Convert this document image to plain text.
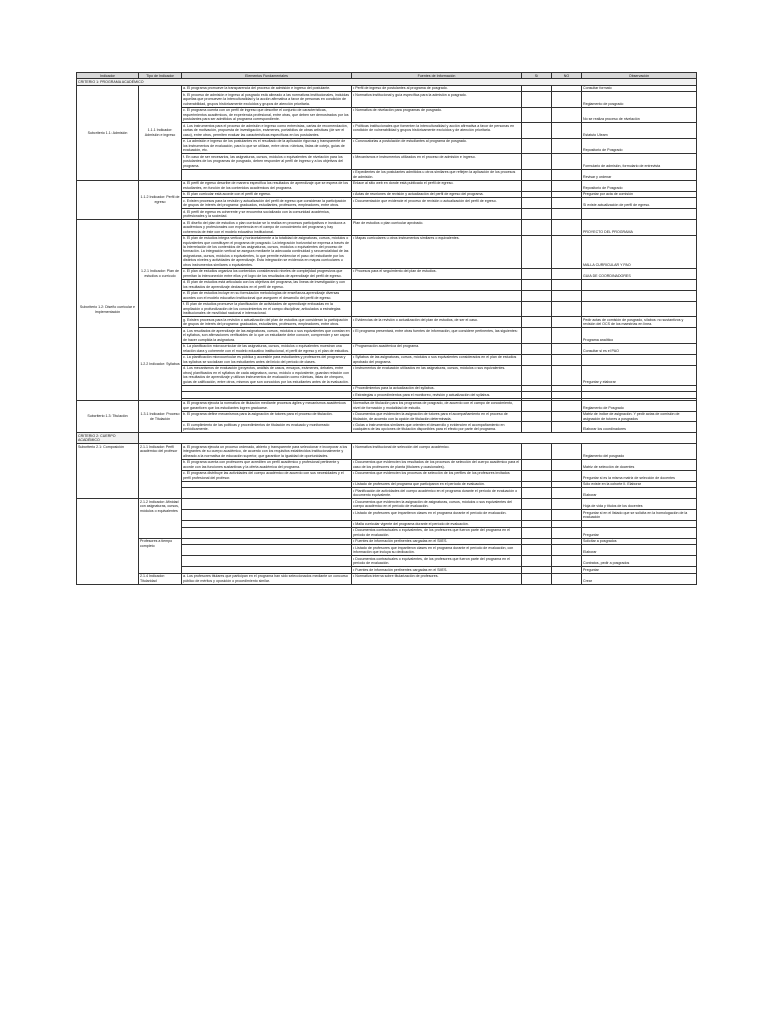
Indicador	Tipo de Indicador	Elementos Fundamentales	Fuentes de Información	Sí	NO	Observación
CRITERIO 1: PROGRAMA ACADÉMICO						
Subcriterio 1.1: Admisión	1.1.1 Indicador: Admisión e ingreso	a. El programa promueve la transparencia del proceso de admisión e ingreso del postulante.	• Perfil de ingreso de postulantes al programa de posgrado.			Consultar formato
		b. El proceso de admisión e ingreso al posgrado está alineado a las normativas institucionales, incluidas aquellas que promueven la interculturalidad y la acción afirmativa a favor de personas en condición de vulnerabilidad, grupos históricamente excluidos y grupos de atención prioritaria.	• Normativa institucional y guía específica para la admisión a posgrado.			Reglamento de posgrado
		c. El programa cuenta con un perfil de ingreso que describe el conjunto de características, requerimientos académicos, de experiencia profesional, entre otras, que deben ser demostrados por los postulantes para ser admitidos al programa correspondiente.	• Normativa de nivelación para programas de posgrado.			No se realiza proceso de nivelación
		d. Los instrumentos para el proceso de admisión e ingreso como entrevistas, cartas de recomendación, cartas de motivación, propuesta de investigación, exámenes, portafolios de obras artísticas (de ser el caso), entre otros, permiten evaluar las características específicas en los postulantes.	• Políticas institucionales que fomenten la interculturalidad y acción afirmativa a favor de personas en condición de vulnerabilidad y grupos históricamente excluidos y de atención prioritaria.			Estatuto Uleam
		e. La admisión e ingreso de los postulantes es el resultado de la aplicación rigurosa y transparente de los instrumentos de evaluación, para lo que se utilizan, entre otros: rúbricas, listas de cotejo, guías de evaluación, etc.	• Convocatorias a postulación de estudiantes al programa de posgrado.			Repositorio de Posgrado
		f. En caso de ser necesarios, las asignaturas, cursos, módulos o equivalentes de nivelación para los postulantes de los programas de posgrado, deben responder al perfil de ingreso y a los objetivos del programa.	• Mecanismos e instrumentos utilizados en el proceso de admisión e ingreso.			Formulario de admisión, formulario de entrevista
			• Expedientes de los postulantes admitidos u otros similares que reflejen la aplicación de los procesos de admisión.			Revisar y ordenar
	1.1.2 Indicador: Perfil de egreso	a. El perfil de egreso describe de manera específica los resultados de aprendizaje que se espera de los estudiantes, en función de los contenidos académicos del programa.	Enlace al sitio web en donde está publicado el perfil de egreso.			Repositorio de Posgrado
		b. El plan curricular está acorde con el perfil de egreso.	• Actas de reuniones de revisión y actualización del perfil de egreso del programa.			Preguntar por acta de comisión
		c. Existen procesos para la revisión y actualización del perfil de egreso que consideran la participación de grupos de interés del programa: graduados, estudiantes, profesores, empleadores, entre otros.	• Documentación que evidencie el proceso de revisión o actualización del perfil de egreso.			Si existe actualización de perfil de egreso.
		d. El perfil de egreso es coherente y se encuentra socializado con la comunidad académica, profesionales y la sociedad.				
Subcriterio 1.2: Diseño curricular e Implementación	1.2.1 Indicador: Plan de estudios o currículo	a. El diseño del plan de estudios o plan curricular se lo realiza en procesos participativos e involucra a académicos y profesionales con experiencia en el campo de conocimiento del programa y hay coherencia de éste con el modelo educativo institucional.	Plan de estudios o plan curricular aprobado.			PROYECTO DEL PROGRAMA
		b. El plan de estudios integra vertical y horizontalmente a la totalidad de asignaturas, cursos, módulos o equivalentes que constituyen el programa de posgrado. La integración horizontal se expresa a través de la interrelación de los contenidos de las asignaturas, cursos, módulos o equivalentes del proceso de formación. La integración vertical se asegura mediante la adecuada continuidad y secuencialidad de las asignaturas, cursos, módulos o equivalentes, lo que permite evidenciar el paso del estudiante por los distintos niveles y actividades de aprendizaje. Esta integración se evidencia en mapas curriculares u otros instrumentos similares o equivalentes.	• Mapas curriculares u otros instrumentos similares o equivalentes.			MALLA CURRICULAR Y PAO
		c. El plan de estudios organiza los contenidos considerando niveles de complejidad progresivos que permitan la interconexión entre ellos y el logro de los resultados de aprendizaje del perfil de egreso.	• Procesos para el seguimiento del plan de estudios.			GUIA DE COORDINADORES
		d. El plan de estudios está articulado con los objetivos del programa, las líneas de investigación y con los resultados de aprendizaje declarados en el perfil de egreso.				
		e. El plan de estudios incluye en su formulación metodologías de enseñanza-aprendizaje diversas acordes con el modelo educativo institucional que aseguren el desarrollo del perfil de egreso.				
		f. El plan de estudios promueve la planificación de actividades de aprendizaje enfocadas en la ampliación o profundización de los conocimientos en el campo disciplinar, articulados a estrategias institucionales de movilidad nacional e internacional.				
		g. Existen procesos para la revisión o actualización del plan de estudios que consideran la participación de grupos de interés del programa: graduados, estudiantes, profesores, empleadores, entre otros.	• Evidencias de la revisión o actualización del plan de estudios, de ser el caso.			Pedir actas de comisión de posgrado, sílabos: no sustantivos y revisión del OCS de los maestrías en línea.
	1.2.2 Indicador: Syllabus	a. Los resultados de aprendizaje de las asignaturas, cursos, módulos o sus equivalentes que constan en el syllabus, son afirmaciones verificables de lo que un estudiante debe conocer, comprender y ser capaz de hacer cumplida la asignatura.	• El programa presentará, entre otras fuentes de información, que considere pertinentes, las siguientes:			Programa analítico
		b. La planificación microcurricular de las asignaturas, cursos, módulos o equivalentes muestran una relación clara y coherente con el modelo educativo institucional, el perfil de egreso y el plan de estudios.	• Programación académica del programa.			Consultar si es el PAO
		c. La planificación microcurricular es pública y accesible para estudiantes y profesores del programa y los syllabus se socializan con los estudiantes antes del inicio del periodo de clases.	• Syllabus de las asignaturas, cursos, módulos o sus equivalentes considerados en el plan de estudios aprobado del programa.			
		d. Los mecanismos de evaluación (proyectos, análisis de casos, ensayos, exámenes, debates, entre otros) planificados en el syllabus de cada asignatura, curso, módulo o equivalente, guardan relación con los resultados de aprendizaje y utilizan instrumentos de evaluación como rúbricas, listas de chequeo, guías de calificación, entre otros, mismos que son conocidos por los estudiantes antes de la evaluación.	• Instrumentos de evaluación utilizados en las asignaturas, cursos, módulos o sus equivalentes.			Preguntar y elaborar
			• Procedimientos para la actualización del syllabus.			
			• Estrategias o procedimientos para el monitoreo, revisión y actualización del syllabus.			

Subcriterio 1.3: Titulación	1.3.1 Indicador: Proceso de Titulación	a. El programa ejecuta la normativa de titulación mediante procesos ágiles y mecanismos académicos que garanticen que los estudiantes logren graduarse.	Normativa de titulación para los programas de posgrado, de acuerdo con el campo de conocimiento, nivel de formación y modalidad de estudio.			Reglamento de Posgrado
		b. El programa define mecanismos para la asignación de tutores para el proceso de titulación.	• Documentos que evidencien la asignación de tutores para el acompañamiento en el proceso de titulación, de acuerdo con la opción de titulación determinada.			Matriz de índice de asignación. Y pedir actas de comisión de asignación de tutores a posgrados
		c. El cumplimiento de las políticas y procedimientos de titulación es evaluado y monitoreado periódicamente.	• Guías o instrumentos similares que orienten el desarrollo y evidencien el acompañamiento en cualquiera de las opciones de titulación disponibles para el efecto por parte del programa.			Elaborar los coordinadores
CRITERIO 2: CUERPO ACADÉMICO						
Subcriterio 2.1: Composición	2.1.1 Indicador: Perfil académico del profesor	a. El programa ejecuta un proceso ordenado, abierto y transparente para seleccionar e incorporar a los integrantes de su cuerpo académico, de acuerdo con los requisitos establecidos institucionalmente y alineado a la normativa de educación superior, que garantice la igualdad de oportunidades.	• Normativa institucional de selección del cuerpo académico.			Reglamento del posgrado
		b. El programa cuenta con profesores que acrediten un perfil académico y profesional pertinente y acorde con las funciones sustantivas y la oferta académica del programa.	• Documentos que evidencien los resultados de los procesos de selección del cuerpo académico para el caso de los profesores de planta (titulares y ocasionales).			Matriz de selección de docentes
		c. El programa distribuye las actividades del cuerpo académico de acuerdo con sus necesidades y el perfil profesional del profesor.	• Documentos que evidencien los procesos de selección de los perfiles de los profesores invitados			Preguntar si es la misma matriz de selección de docentes
			• Listado de profesores del programa que participaron en el período de evaluación.			Sólo existe en la cohorte II. Elaborar
			• Planificación de actividades del cuerpo académico en el programa durante el período de evaluación o documento equivalente.			Elaborar
	2.1.2 Indicador: Afinidad con asignaturas, cursos, módulos o equivalentes		• Documentos que evidencien la asignación de asignaturas, cursos, módulos o sus equivalentes del cuerpo académico en el período de evaluación.			Hoja de vida y títulos de los docentes
			• Listado de profesores que impartieron clases en el programa durante el período de evaluación.			Preguntar si en el listado que se solicita en la homologación de la evaluación
			• Malla curricular vigente del programa durante el período de evaluación.			
			• Documentos contractuales o equivalentes, de los profesores que fueron parte del programa en el período de evaluación.			Preguntar
	Profesores a tiempo completo		• Fuentes de información pertinentes cargadas en el SIIES.			Solicitar a posgrados
			• Listado de profesores que impartieron clases en el programa durante el período de evaluación, con información que incluya su dedicación.			Elaborar
			• Documentos contractuales o equivalentes, de los profesores que fueron parte del programa en el período de evaluación.			Contratos, pedir a posgrados
			• Fuentes de información pertinentes cargadas en el SIIES.			Preguntar
	2.1.4 Indicador: Titularidad	a. Los profesores titulares que participan en el programa han sido seleccionados mediante un concurso público de méritos y oposición o procedimiento similar.	• Normativa interna sobre titularización de profesores.			Crear
